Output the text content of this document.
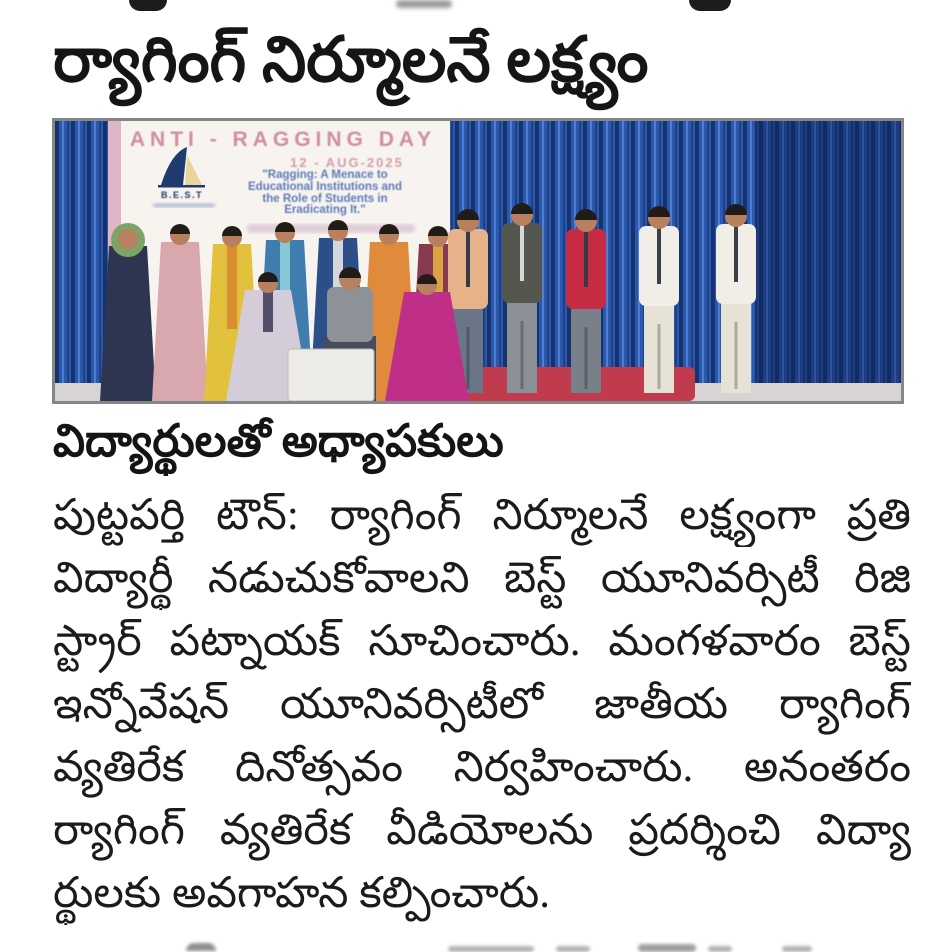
ర్యాగింగ్ నిర్మూలనే లక్ష్యం
ANTI - RAGGING DAY
12 - AUG-2025
"Ragging: A Menace to
Educational Institutions and
the Role of Students in
Eradicating It."
B.E.S.T
విద్యార్థులతో అధ్యాపకులు
పుట్టపర్తి టౌన్: ర్యాగింగ్ నిర్మూలనే లక్ష్యంగా ప్రతి
విద్యార్థీ నడుచుకోవాలని బెస్ట్ యూనివర్సిటీ రిజి
స్ట్రార్ పట్నాయక్ సూచించారు. మంగళవారం బెస్ట్
ఇన్నోవేషన్ యూనివర్సిటీలో జాతీయ ర్యాగింగ్
వ్యతిరేక దినోత్సవం నిర్వహించారు. అనంతరం
ర్యాగింగ్ వ్యతిరేక వీడియోలను ప్రదర్శించి విద్యా
ర్థులకు అవగాహన కల్పించారు.
